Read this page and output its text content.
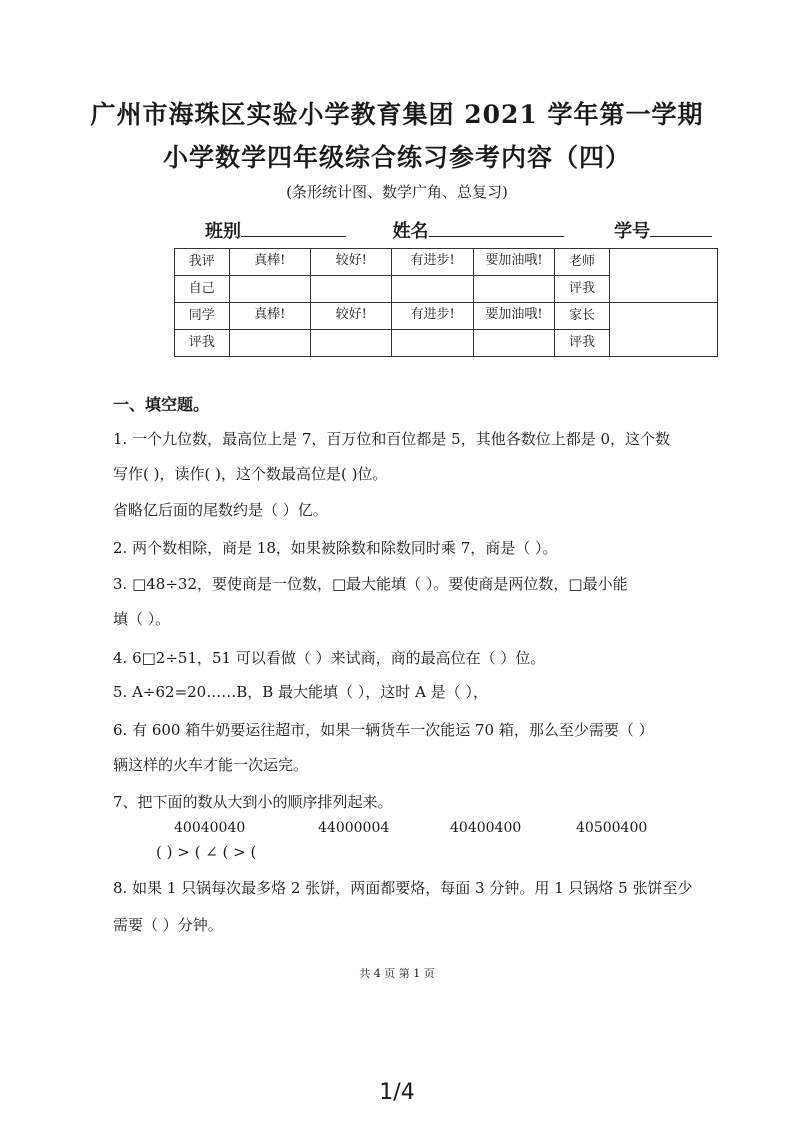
广州市海珠区实验小学教育集团 2021 学年第一学期
小学数学四年级综合练习参考内容（四）
(条形统计图、数学广角、总复习)
班别	姓名	学号
我评	真棒!	较好!	有进步!	要加油哦!	老师	
自己					评我	
同学	真棒!	较好!	有进步!	要加油哦!	家长	
评我					评我	
一、填空题。
1. 一个九位数，最高位上是 7，百万位和百位都是 5，其他各数位上都是 0，这个数
写作( )，读作( )，这个数最高位是( )位。
省略亿后面的尾数约是（ ）亿。
2. 两个数相除，商是 18，如果被除数和除数同时乘 7，商是（ ）。
3. □48÷32，要使商是一位数，□最大能填（ ）。要使商是两位数，□最小能
填（ ）。
4. 6□2÷51，51 可以看做（ ）来试商，商的最高位在（ ）位。
5. A÷62=20……B，B 最大能填（ ），这时 A 是（ ），
6. 有 600 箱牛奶要运往超市，如果一辆货车一次能运 70 箱，那么至少需要（ ）
辆这样的火车才能一次运完。
7、把下面的数从大到小的顺序排列起来。
40040040	44000004	40400400	40500400
( ) > ( ∠ ( > (
8. 如果 1 只锅每次最多烙 2 张饼，两面都要烙，每面 3 分钟。用 1 只锅烙 5 张饼至少
需要（ ）分钟。
共 4 页 第 1 页
1/4
